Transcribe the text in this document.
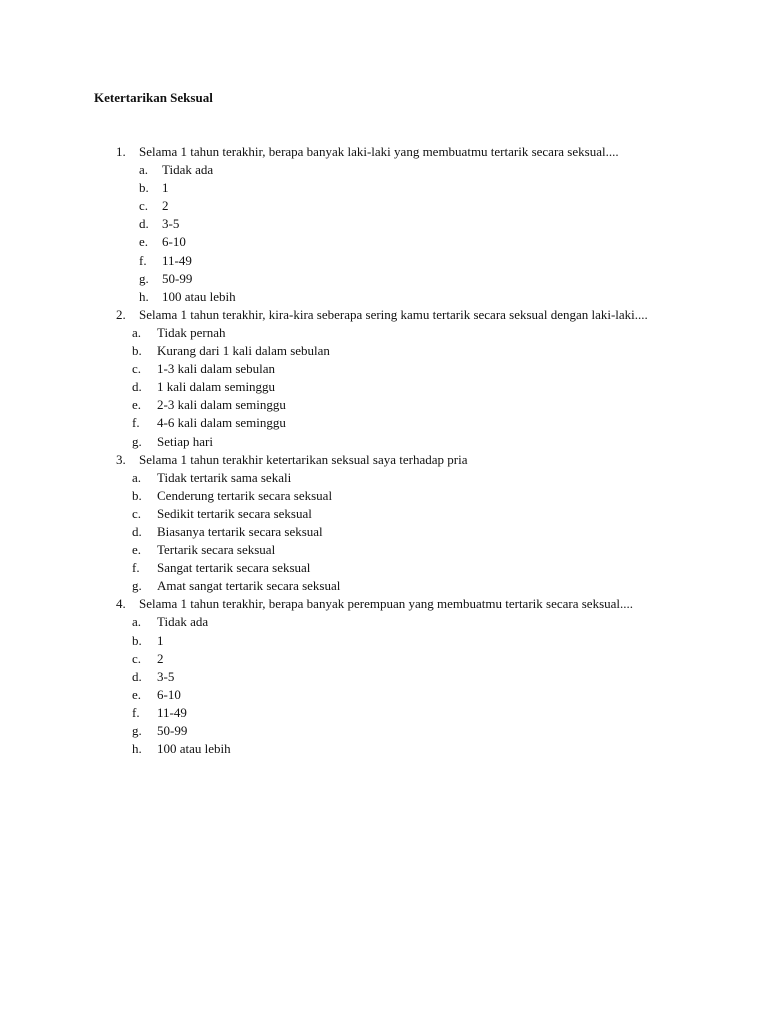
Ketertarikan Seksual
1. Selama 1 tahun terakhir, berapa banyak laki-laki yang membuatmu tertarik secara seksual....
a. Tidak ada
b. 1
c. 2
d. 3-5
e. 6-10
f. 11-49
g. 50-99
h. 100 atau lebih
2. Selama 1 tahun terakhir, kira-kira seberapa sering kamu tertarik secara seksual dengan laki-laki....
a. Tidak pernah
b. Kurang dari 1 kali dalam sebulan
c. 1-3 kali dalam sebulan
d. 1 kali dalam seminggu
e. 2-3 kali dalam seminggu
f. 4-6 kali dalam seminggu
g. Setiap hari
3. Selama 1 tahun terakhir ketertarikan seksual saya terhadap pria
a. Tidak tertarik sama sekali
b. Cenderung tertarik secara seksual
c. Sedikit tertarik secara seksual
d. Biasanya tertarik secara seksual
e. Tertarik secara seksual
f. Sangat tertarik secara seksual
g. Amat sangat tertarik secara seksual
4. Selama 1 tahun terakhir, berapa banyak perempuan yang membuatmu tertarik secara seksual....
a. Tidak ada
b. 1
c. 2
d. 3-5
e. 6-10
f. 11-49
g. 50-99
h. 100 atau lebih
